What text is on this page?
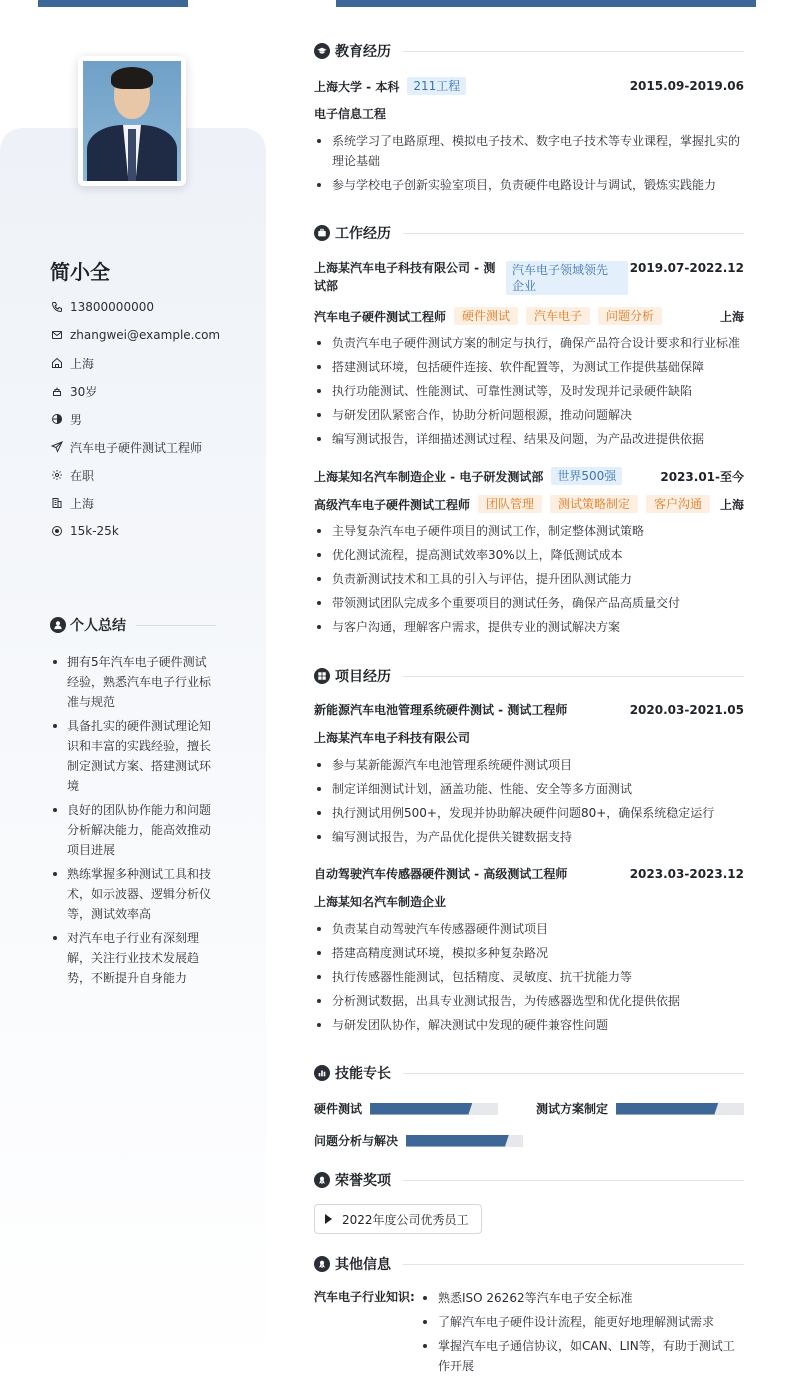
简小全
13800000000
zhangwei@example.com
上海
30岁
男
汽车电子硬件测试工程师
在职
上海
15k-25k
个人总结
拥有5年汽车电子硬件测试经验，熟悉汽车电子行业标准与规范
具备扎实的硬件测试理论知识和丰富的实践经验，擅长制定测试方案、搭建测试环境
良好的团队协作能力和问题分析解决能力，能高效推动项目进展
熟练掌握多种测试工具和技术，如示波器、逻辑分析仪等，测试效率高
对汽车电子行业有深刻理解，关注行业技术发展趋势，不断提升自身能力
教育经历
上海大学 - 本科	211工程	2015.09-2019.06
电子信息工程
系统学习了电路原理、模拟电子技术、数字电子技术等专业课程，掌握扎实的理论基础
参与学校电子创新实验室项目，负责硬件电路设计与调试，锻炼实践能力
工作经历
上海某汽车电子科技有限公司 - 测
试部
汽车电子领域领先
企业
2019.07-2022.12
汽车电子硬件测试工程师	硬件测试	汽车电子	问题分析	上海
负责汽车电子硬件测试方案的制定与执行，确保产品符合设计要求和行业标准
搭建测试环境，包括硬件连接、软件配置等，为测试工作提供基础保障
执行功能测试、性能测试、可靠性测试等，及时发现并记录硬件缺陷
与研发团队紧密合作，协助分析问题根源，推动问题解决
编写测试报告，详细描述测试过程、结果及问题，为产品改进提供依据
上海某知名汽车制造企业 - 电子研发测试部	世界500强	2023.01-至今
高级汽车电子硬件测试工程师	团队管理	测试策略制定	客户沟通	上海
主导复杂汽车电子硬件项目的测试工作，制定整体测试策略
优化测试流程，提高测试效率30%以上，降低测试成本
负责新测试技术和工具的引入与评估，提升团队测试能力
带领测试团队完成多个重要项目的测试任务，确保产品高质量交付
与客户沟通，理解客户需求，提供专业的测试解决方案
项目经历
新能源汽车电池管理系统硬件测试 - 测试工程师	2020.03-2021.05
上海某汽车电子科技有限公司
参与某新能源汽车电池管理系统硬件测试项目
制定详细测试计划，涵盖功能、性能、安全等多方面测试
执行测试用例500+，发现并协助解决硬件问题80+，确保系统稳定运行
编写测试报告，为产品优化提供关键数据支持
自动驾驶汽车传感器硬件测试 - 高级测试工程师	2023.03-2023.12
上海某知名汽车制造企业
负责某自动驾驶汽车传感器硬件测试项目
搭建高精度测试环境，模拟多种复杂路况
执行传感器性能测试，包括精度、灵敏度、抗干扰能力等
分析测试数据，出具专业测试报告，为传感器选型和优化提供依据
与研发团队协作，解决测试中发现的硬件兼容性问题
技能专长
硬件测试	测试方案制定
问题分析与解决
荣誉奖项
2022年度公司优秀员工
其他信息
汽车电子行业知识:	熟悉ISO 26262等汽车电子安全标准
了解汽车电子硬件设计流程，能更好地理解测试需求
掌握汽车电子通信协议，如CAN、LIN等，有助于测试工作开展
